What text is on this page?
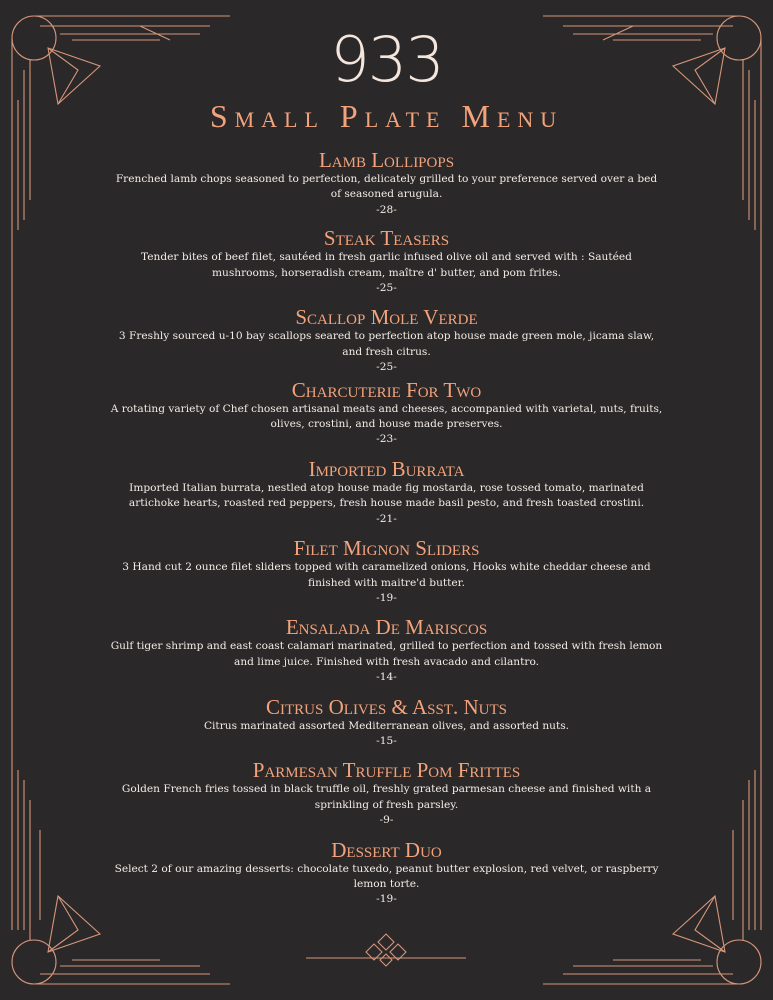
933
Small Plate Menu
Lamb Lollipops
Frenched lamb chops seasoned to perfection, delicately grilled to your preference served over a bed of seasoned arugula.
-28-
Steak Teasers
Tender bites of beef filet, sautéed in fresh garlic infused olive oil and served with : Sautéed mushrooms, horseradish cream, maître d' butter, and pom frites.
-25-
Scallop Mole Verde
3 Freshly sourced u-10 bay scallops seared to perfection atop house made green mole, jicama slaw, and fresh citrus.
-25-
Charcuterie For Two
A rotating variety of Chef chosen artisanal meats and cheeses, accompanied with varietal, nuts, fruits, olives, crostini, and house made preserves.
-23-
Imported Burrata
Imported Italian burrata, nestled atop house made fig mostarda, rose tossed tomato, marinated artichoke hearts, roasted red peppers, fresh house made basil pesto, and fresh toasted crostini.
-21-
Filet Mignon Sliders
3 Hand cut 2 ounce filet sliders topped with caramelized onions, Hooks white cheddar cheese and finished with maitre'd butter.
-19-
Ensalada De Mariscos
Gulf tiger shrimp and east coast calamari marinated, grilled to perfection and tossed with fresh lemon and lime juice. Finished with fresh avacado and cilantro.
-14-
Citrus Olives & Asst. Nuts
Citrus marinated assorted Mediterranean olives, and assorted nuts.
-15-
Parmesan Truffle Pom Frittes
Golden French fries tossed in black truffle oil, freshly grated parmesan cheese and finished with a sprinkling of fresh parsley.
-9-
Dessert Duo
Select 2 of our amazing desserts: chocolate tuxedo, peanut butter explosion, red velvet, or raspberry lemon torte.
-19-
